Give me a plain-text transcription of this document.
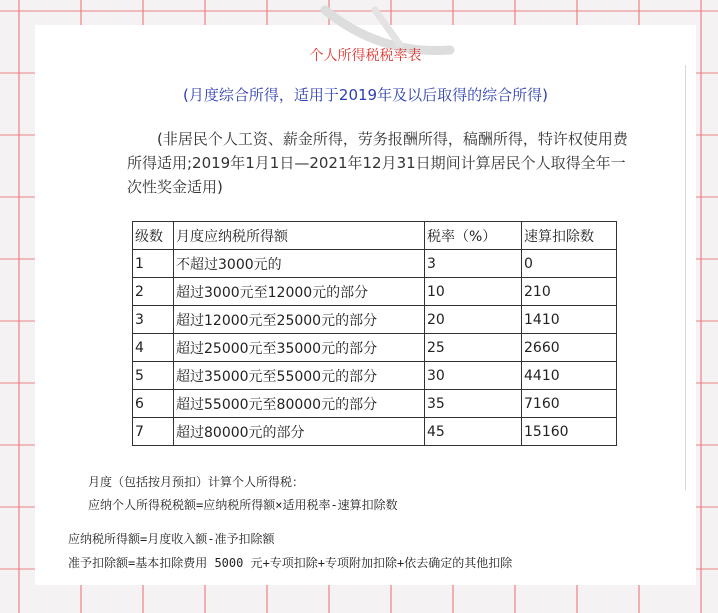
个人所得税税率表
(月度综合所得，适用于2019年及以后取得的综合所得)
(非居民个人工资、薪金所得，劳务报酬所得，稿酬所得，特许权使用费所得适用;2019年1月1日—2021年12月31日期间计算居民个人取得全年一次性奖金适用)
级数	月度应纳税所得额	税率（%）	速算扣除数
1	不超过3000元的	3	0
2	超过3000元至12000元的部分	10	210
3	超过12000元至25000元的部分	20	1410
4	超过25000元至35000元的部分	25	2660
5	超过35000元至55000元的部分	30	4410
6	超过55000元至80000元的部分	35	7160
7	超过80000元的部分	45	15160
月度（包括按月预扣）计算个人所得税：
应纳个人所得税税额=应纳税所得额×适用税率-速算扣除数
应纳税所得额=月度收入额-准予扣除额
准予扣除额=基本扣除费用 5000 元+专项扣除+专项附加扣除+依去确定的其他扣除
